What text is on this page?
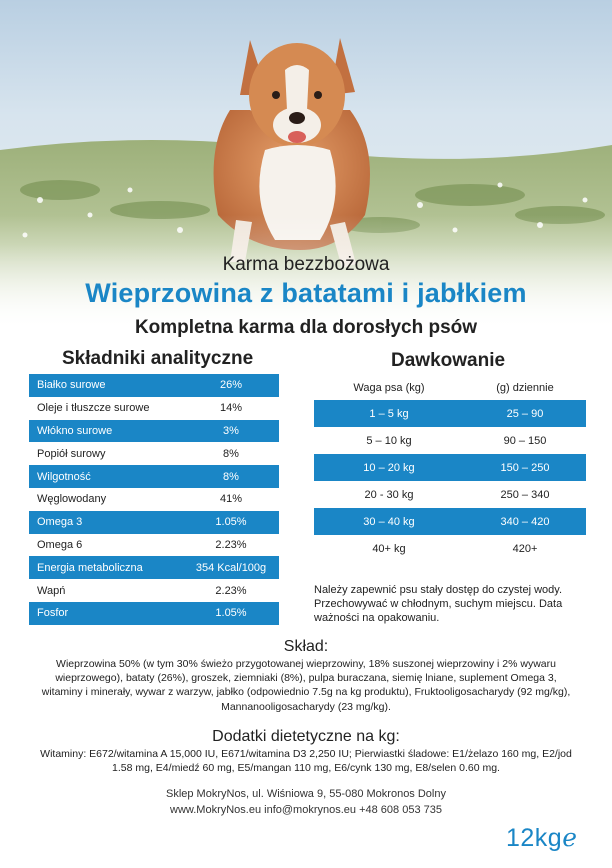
Karma bezzbożowa
Wieprzowina z batatami i jabłkiem
Kompletna karma dla dorosłych psów
Składniki analityczne
Białko surowe	26%
Oleje i tłuszcze surowe	14%
Włókno surowe	3%
Popiół surowy	8%
Wilgotność	8%
Węglowodany	41%
Omega 3	1.05%
Omega 6	2.23%
Energia metaboliczna	354 Kcal/100g
Wapń	2.23%
Fosfor	1.05%
Dawkowanie
Waga psa (kg)	(g) dziennie
1 – 5 kg	25 – 90
5 – 10 kg	90 – 150
10 – 20 kg	150 – 250
20 - 30 kg	250 – 340
30 – 40 kg	340 – 420
40+ kg	420+
Należy zapewnić psu stały dostęp do czystej wody. Przechowywać w chłodnym, suchym miejscu. Data ważności na opakowaniu.
Skład:
Wieprzowina 50% (w tym 30% świeżo przygotowanej wieprzowiny, 18% suszonej wieprzowiny i 2% wywaru wieprzowego), bataty (26%), groszek, ziemniaki (8%), pulpa buraczana, siemię lniane, suplement Omega 3, witaminy i minerały, wywar z warzyw, jabłko (odpowiednio 7.5g na kg produktu), Fruktooligosacharydy (92 mg/kg), Mannanooligosacharydy (23 mg/kg).
Dodatki dietetyczne na kg:
Witaminy: E672/witamina A 15,000 IU, E671/witamina D3 2,250 IU; Pierwiastki śladowe: E1/żelazo 160 mg, E2/jod 1.58 mg, E4/miedź 60 mg, E5/mangan 110 mg, E6/cynk 130 mg, E8/selen 0.60 mg.
Sklep MokryNos, ul. Wiśniowa 9, 55-080 Mokronos Dolny
www.MokryNos.eu info@mokrynos.eu +48 608 053 735
12kgℯ
